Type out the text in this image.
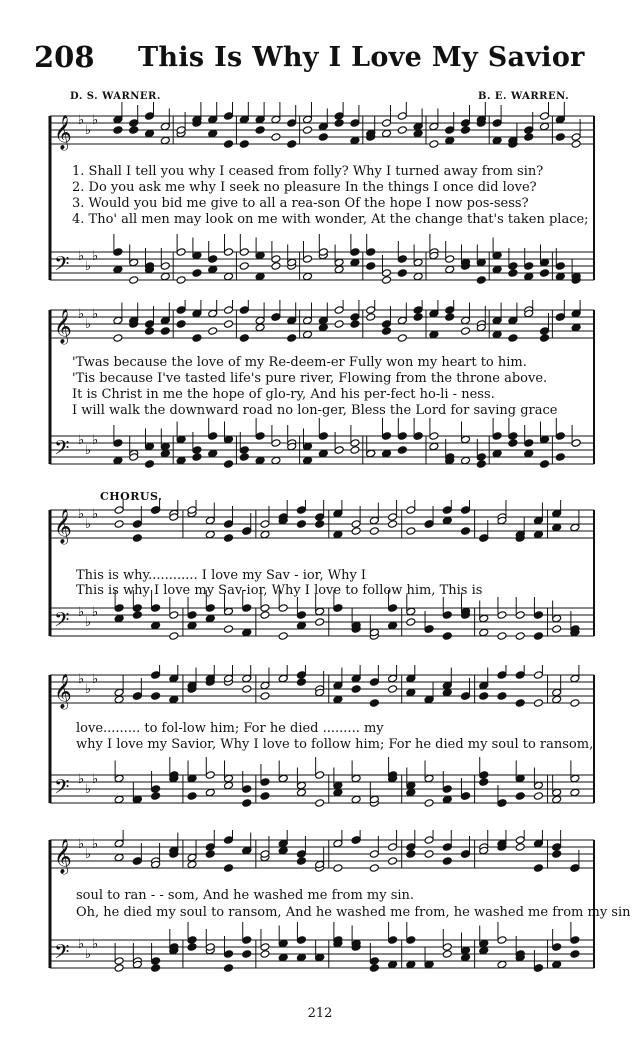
208 This Is Why I Love My Savior
D. S. WARNER.	B. E. WARREN.
𝄞 ♭
♭
♭
𝄢 ♭
♭
♭
1. Shall I tell you why I ceased from folly? Why I turned away from sin?
2. Do you ask me why I seek no pleasure In the things I once did love?
3. Would you bid me give to all a rea-son Of the hope I now pos-sess?
4. Tho' all men may look on me with wonder, At the change that's taken place;
𝄞 ♭
♭
♭
𝄢 ♭
♭
♭
'Twas because the love of my Re-deem-er Fully won my heart to him.
'Tis because I've tasted life's pure river, Flowing from the throne above.
It is Christ in me the hope of glo-ry, And his per-fect ho-li - ness.
I will walk the downward road no lon-ger, Bless the Lord for saving grace
CHORUS.
𝄞 ♭
♭
♭
𝄢 ♭
♭
♭
This is why............ I love my Sav - ior, Why I
This is why I love my Sav-ior, Why I love to follow him, This is
𝄞 ♭
♭
♭
𝄢 ♭
♭
♭
love......... to fol-low him; For he died ......... my
why I love my Savior, Why I love to follow him; For he died my soul to ransom,
𝄞 ♭
♭
♭
𝄢 ♭
♭
♭
soul to ran - - som, And he washed me from my sin.
Oh, he died my soul to ransom, And he washed me from, he washed me from my sin
212
